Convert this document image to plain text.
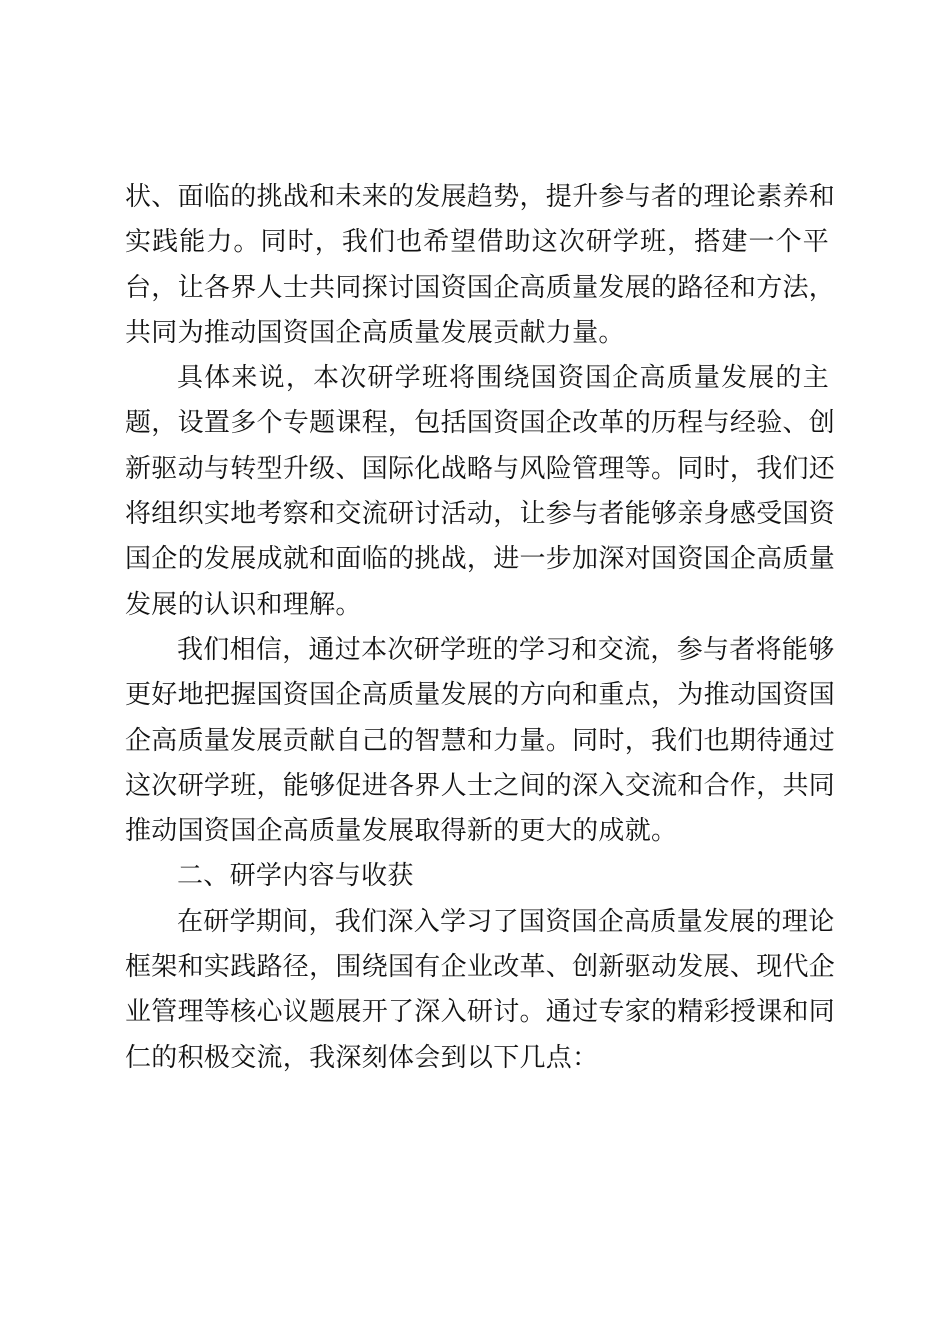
状、面临的挑战和未来的发展趋势，提升参与者的理论素养和
实践能力。同时，我们也希望借助这次研学班，搭建一个平
台，让各界人士共同探讨国资国企高质量发展的路径和方法，
共同为推动国资国企高质量发展贡献力量。
具体来说，本次研学班将围绕国资国企高质量发展的主
题，设置多个专题课程，包括国资国企改革的历程与经验、创
新驱动与转型升级、国际化战略与风险管理等。同时，我们还
将组织实地考察和交流研讨活动，让参与者能够亲身感受国资
国企的发展成就和面临的挑战，进一步加深对国资国企高质量
发展的认识和理解。
我们相信，通过本次研学班的学习和交流，参与者将能够
更好地把握国资国企高质量发展的方向和重点，为推动国资国
企高质量发展贡献自己的智慧和力量。同时，我们也期待通过
这次研学班，能够促进各界人士之间的深入交流和合作，共同
推动国资国企高质量发展取得新的更大的成就。
二、研学内容与收获
在研学期间，我们深入学习了国资国企高质量发展的理论
框架和实践路径，围绕国有企业改革、创新驱动发展、现代企
业管理等核心议题展开了深入研讨。通过专家的精彩授课和同
仁的积极交流，我深刻体会到以下几点：
